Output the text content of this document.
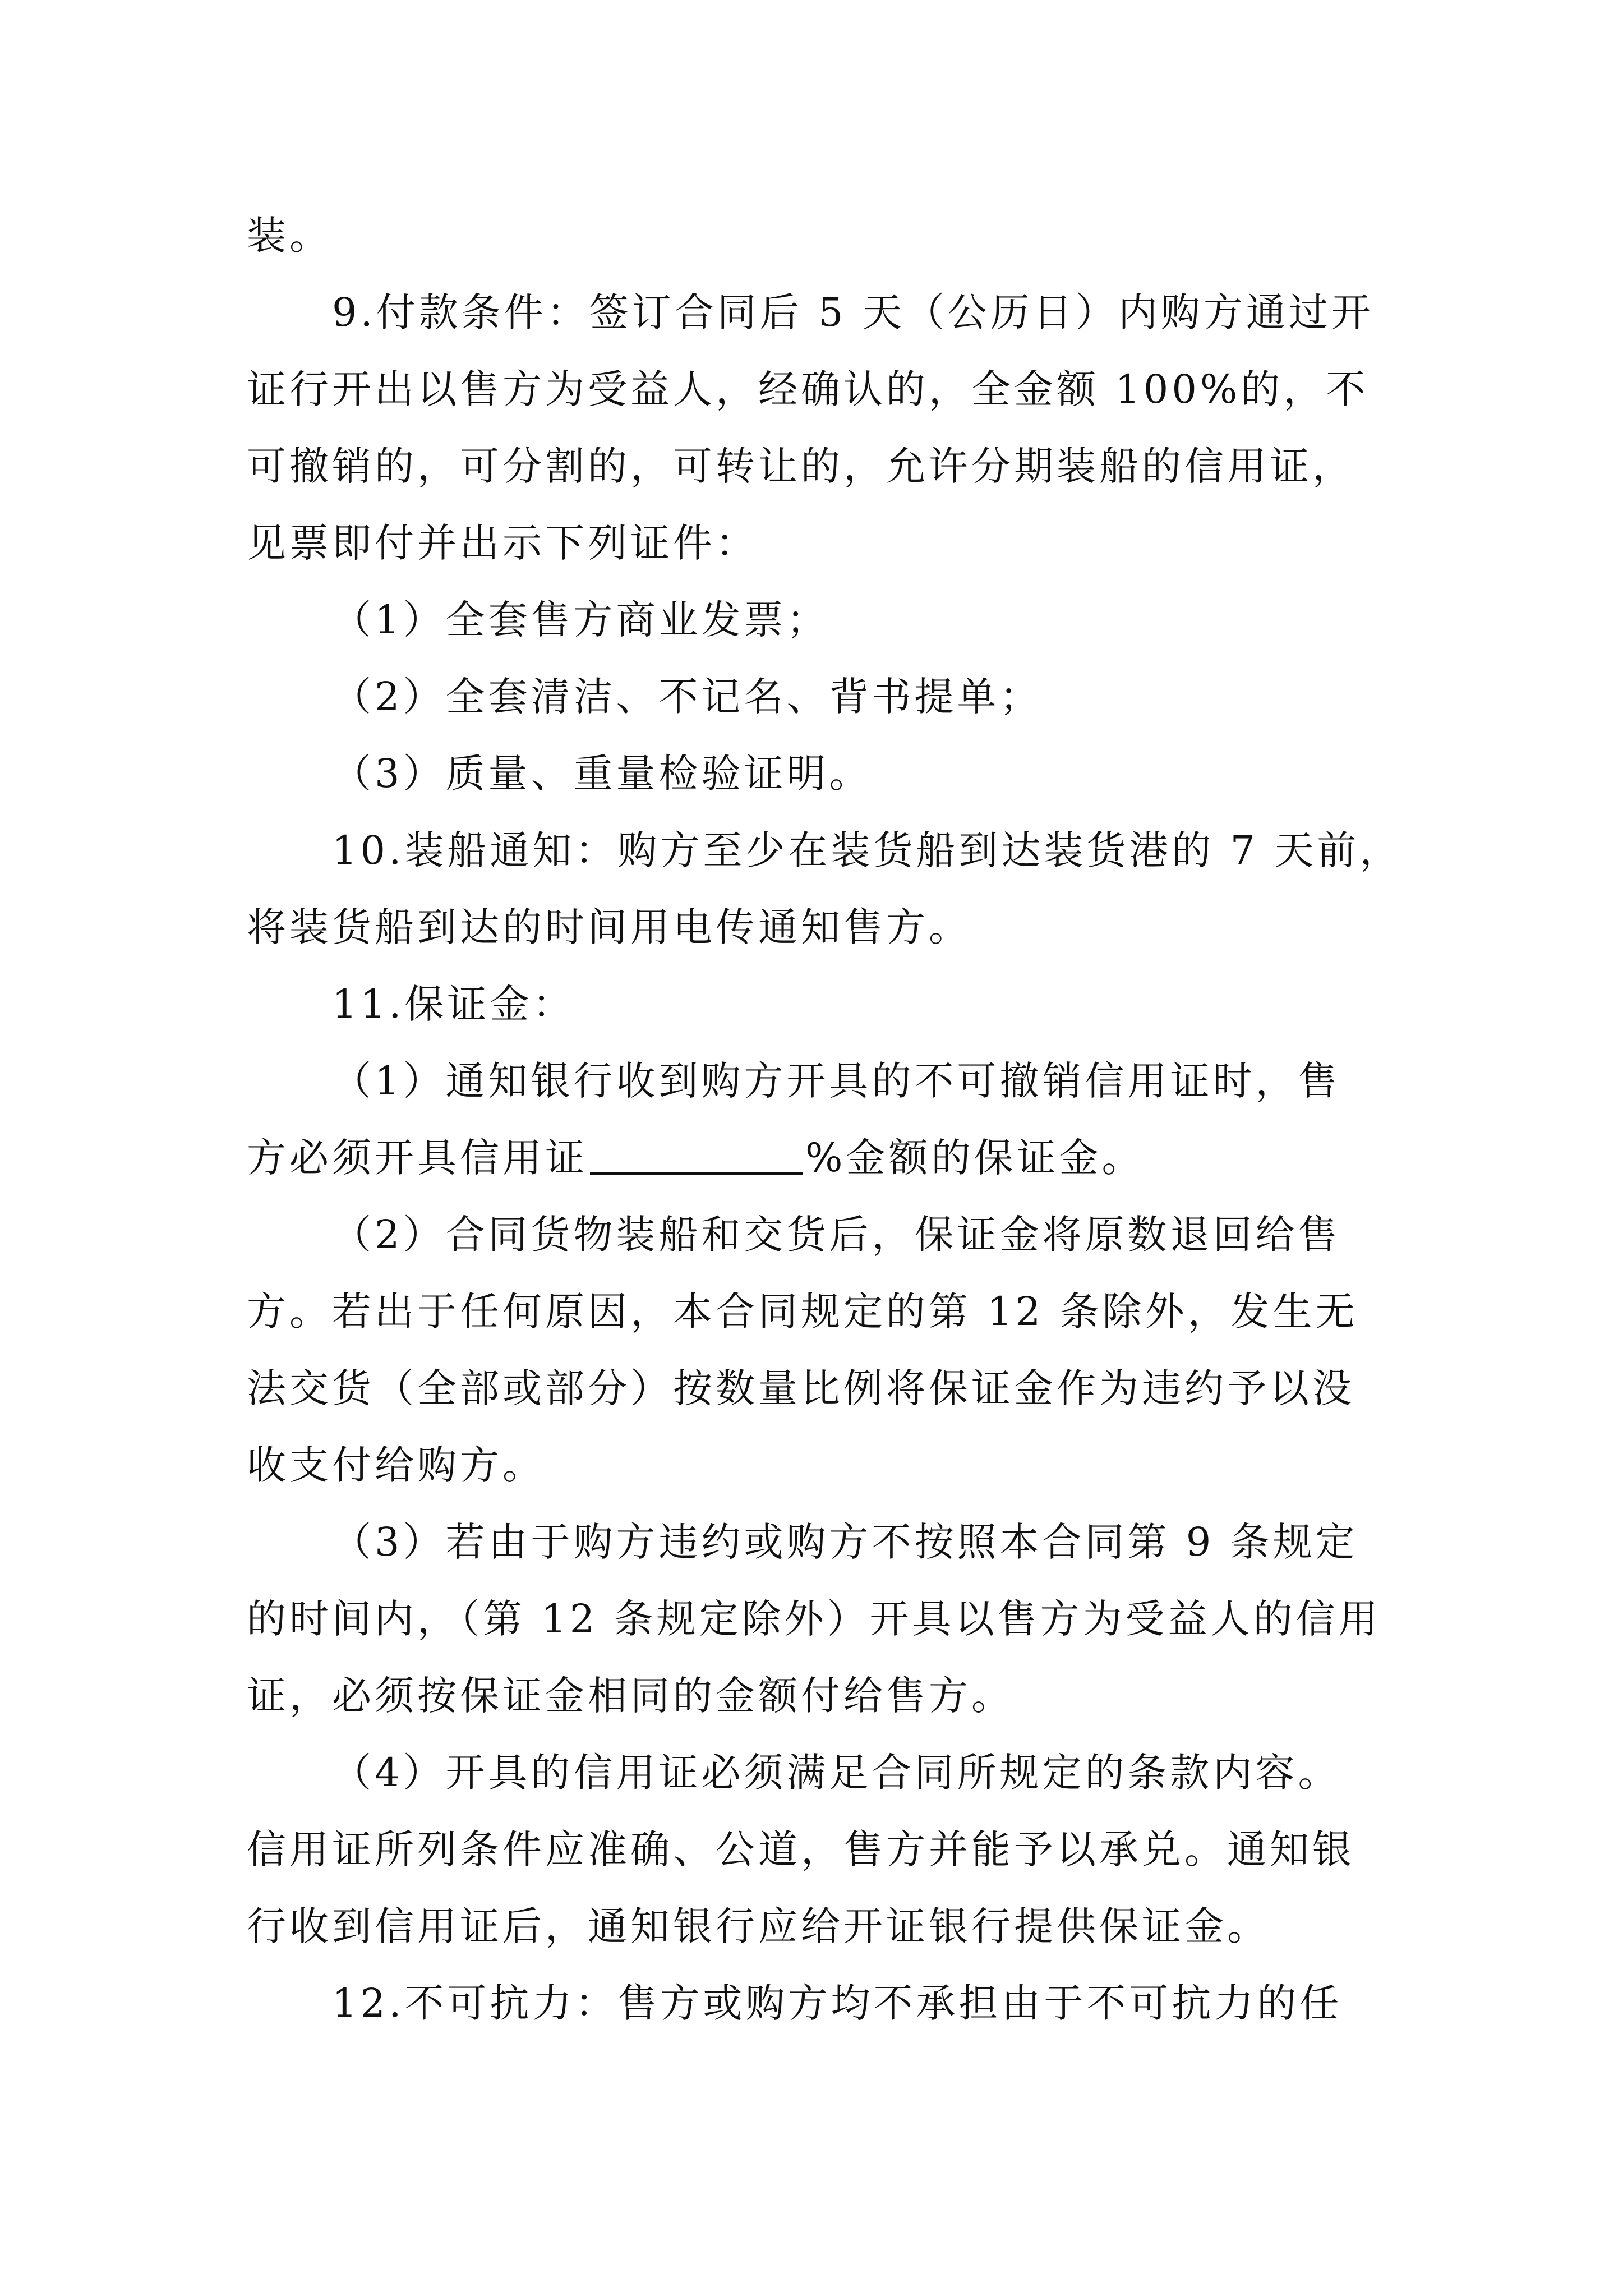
装。

9.付款条件：签订合同后 5 天（公历日）内购方通过开
证行开出以售方为受益人，经确认的，全金额 100%的，不
可撤销的，可分割的，可转让的，允许分期装船的信用证，
见票即付并出示下列证件：

（1）全套售方商业发票；

（2）全套清洁、不记名、背书提单；

（3）质量、重量检验证明。

10.装船通知：购方至少在装货船到达装货港的 7 天前，
将装货船到达的时间用电传通知售方。

11.保证金：

（1）通知银行收到购方开具的不可撤销信用证时，售
方必须开具信用证	%金额的保证金。

（2）合同货物装船和交货后，保证金将原数退回给售
方。若出于任何原因，本合同规定的第 12 条除外，发生无
法交货（全部或部分）按数量比例将保证金作为违约予以没
收支付给购方。

（3）若由于购方违约或购方不按照本合同第 9 条规定
的时间内，（第 12 条规定除外）开具以售方为受益人的信用
证，必须按保证金相同的金额付给售方。

（4）开具的信用证必须满足合同所规定的条款内容。
信用证所列条件应准确、公道，售方并能予以承兑。通知银
行收到信用证后，通知银行应给开证银行提供保证金。

12.不可抗力：售方或购方均不承担由于不可抗力的任
